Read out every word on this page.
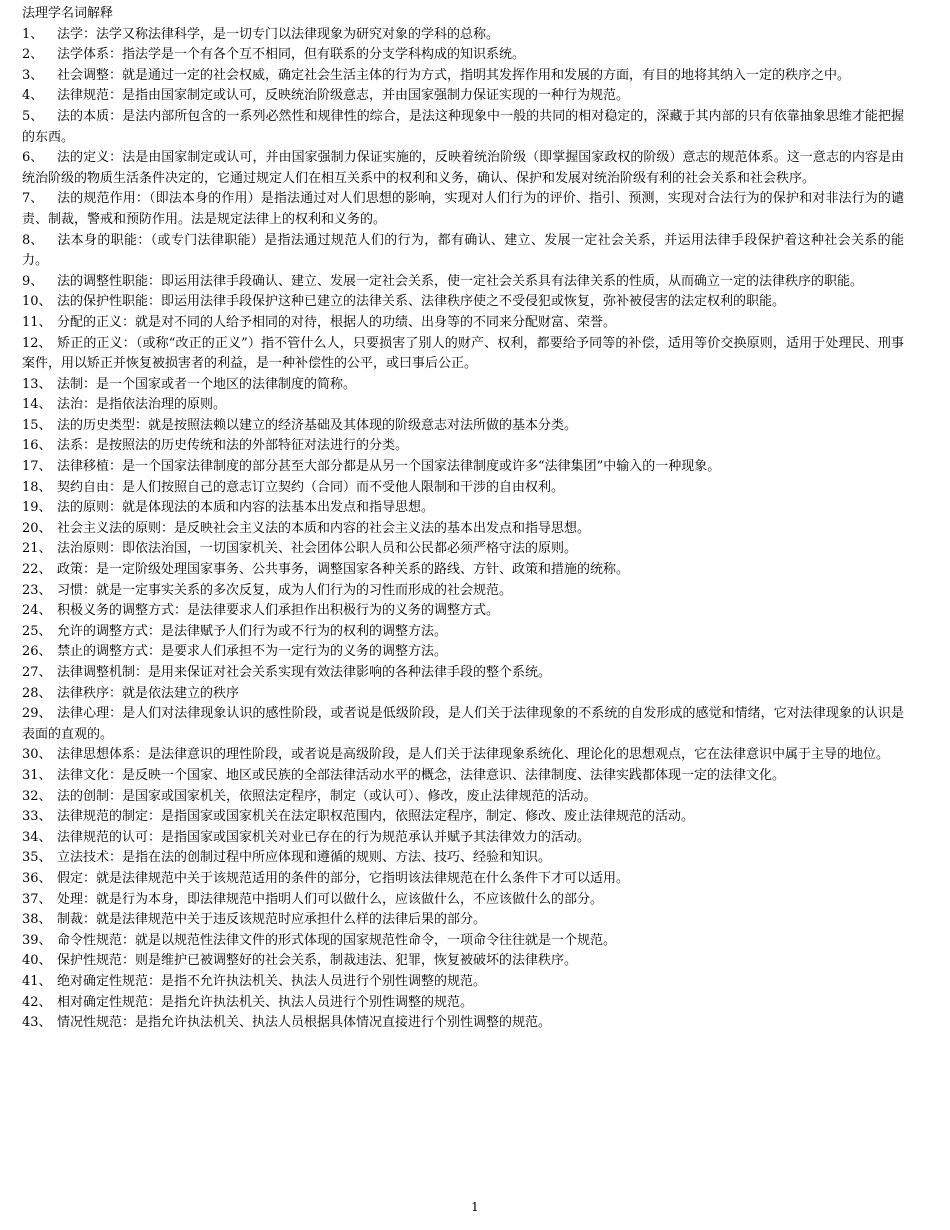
法理学名词解释

1、 法学：法学又称法律科学，是一切专门以法律现象为研究对象的学科的总称。

2、 法学体系：指法学是一个有各个互不相同，但有联系的分支学科构成的知识系统。

3、 社会调整：就是通过一定的社会权威，确定社会生活主体的行为方式，指明其发挥作用和发展的方面，有目的地将其纳入一定的秩序之中。

4、 法律规范：是指由国家制定或认可，反映统治阶级意志，并由国家强制力保证实现的一种行为规范。

5、 法的本质：是法内部所包含的一系列必然性和规律性的综合，是法这种现象中一般的共同的相对稳定的，深藏于其内部的只有依靠抽象思维才能把握的东西。

6、 法的定义：法是由国家制定或认可，并由国家强制力保证实施的，反映着统治阶级（即掌握国家政权的阶级）意志的规范体系。这一意志的内容是由统治阶级的物质生活条件决定的，它通过规定人们在相互关系中的权利和义务，确认、保护和发展对统治阶级有利的社会关系和社会秩序。

7、 法的规范作用：（即法本身的作用）是指法通过对人们思想的影响，实现对人们行为的评价、指引、预测，实现对合法行为的保护和对非法行为的谴责、制裁，警戒和预防作用。法是规定法律上的权利和义务的。

8、 法本身的职能：（或专门法律职能）是指法通过规范人们的行为，都有确认、建立、发展一定社会关系，并运用法律手段保护着这种社会关系的能力。

9、 法的调整性职能：即运用法律手段确认、建立、发展一定社会关系，使一定社会关系具有法律关系的性质，从而确立一定的法律秩序的职能。

10、 法的保护性职能：即运用法律手段保护这种已建立的法律关系、法律秩序使之不受侵犯或恢复，弥补被侵害的法定权利的职能。

11、 分配的正义：就是对不同的人给予相同的对待，根据人的功绩、出身等的不同来分配财富、荣誉。

12、 矫正的正义：（或称“改正的正义”）指不管什么人，只要损害了别人的财产、权利，都要给予同等的补偿，适用等价交换原则，适用于处理民、刑事案件，用以矫正并恢复被损害者的利益，是一种补偿性的公平，或曰事后公正。

13、 法制：是一个国家或者一个地区的法律制度的简称。

14、 法治：是指依法治理的原则。

15、 法的历史类型：就是按照法赖以建立的经济基础及其体现的阶级意志对法所做的基本分类。

16、 法系：是按照法的历史传统和法的外部特征对法进行的分类。

17、 法律移植：是一个国家法律制度的部分甚至大部分都是从另一个国家法律制度或许多“法律集团”中输入的一种现象。

18、 契约自由：是人们按照自己的意志订立契约（合同）而不受他人限制和干涉的自由权利。

19、 法的原则：就是体现法的本质和内容的法基本出发点和指导思想。

20、 社会主义法的原则：是反映社会主义法的本质和内容的社会主义法的基本出发点和指导思想。

21、 法治原则：即依法治国，一切国家机关、社会团体公职人员和公民都必须严格守法的原则。

22、 政策：是一定阶级处理国家事务、公共事务，调整国家各种关系的路线、方针、政策和措施的统称。

23、 习惯：就是一定事实关系的多次反复，成为人们行为的习性而形成的社会规范。

24、 积极义务的调整方式：是法律要求人们承担作出积极行为的义务的调整方式。

25、 允许的调整方式：是法律赋予人们行为或不行为的权利的调整方法。

26、 禁止的调整方式：是要求人们承担不为一定行为的义务的调整方法。

27、 法律调整机制：是用来保证对社会关系实现有效法律影响的各种法律手段的整个系统。

28、 法律秩序：就是依法建立的秩序

29、 法律心理：是人们对法律现象认识的感性阶段，或者说是低级阶段，是人们关于法律现象的不系统的自发形成的感觉和情绪，它对法律现象的认识是表面的直观的。

30、 法律思想体系：是法律意识的理性阶段，或者说是高级阶段，是人们关于法律现象系统化、理论化的思想观点，它在法律意识中属于主导的地位。

31、 法律文化：是反映一个国家、地区或民族的全部法律活动水平的概念，法律意识、法律制度、法律实践都体现一定的法律文化。

32、 法的创制：是国家或国家机关，依照法定程序，制定（或认可）、修改，废止法律规范的活动。

33、 法律规范的制定：是指国家或国家机关在法定职权范围内，依照法定程序，制定、修改、废止法律规范的活动。

34、 法律规范的认可：是指国家或国家机关对业已存在的行为规范承认并赋予其法律效力的活动。

35、 立法技术：是指在法的创制过程中所应体现和遵循的规则、方法、技巧、经验和知识。

36、 假定：就是法律规范中关于该规范适用的条件的部分，它指明该法律规范在什么条件下才可以适用。

37、 处理：就是行为本身，即法律规范中指明人们可以做什么，应该做什么，不应该做什么的部分。

38、 制裁：就是法律规范中关于违反该规范时应承担什么样的法律后果的部分。

39、 命令性规范：就是以规范性法律文件的形式体现的国家规范性命令，一项命令往往就是一个规范。

40、 保护性规范：则是维护已被调整好的社会关系，制裁违法、犯罪，恢复被破坏的法律秩序。

41、 绝对确定性规范：是指不允许执法机关、执法人员进行个别性调整的规范。

42、 相对确定性规范：是指允许执法机关、执法人员进行个别性调整的规范。

43、 情况性规范：是指允许执法机关、执法人员根据具体情况直接进行个别性调整的规范。

1
